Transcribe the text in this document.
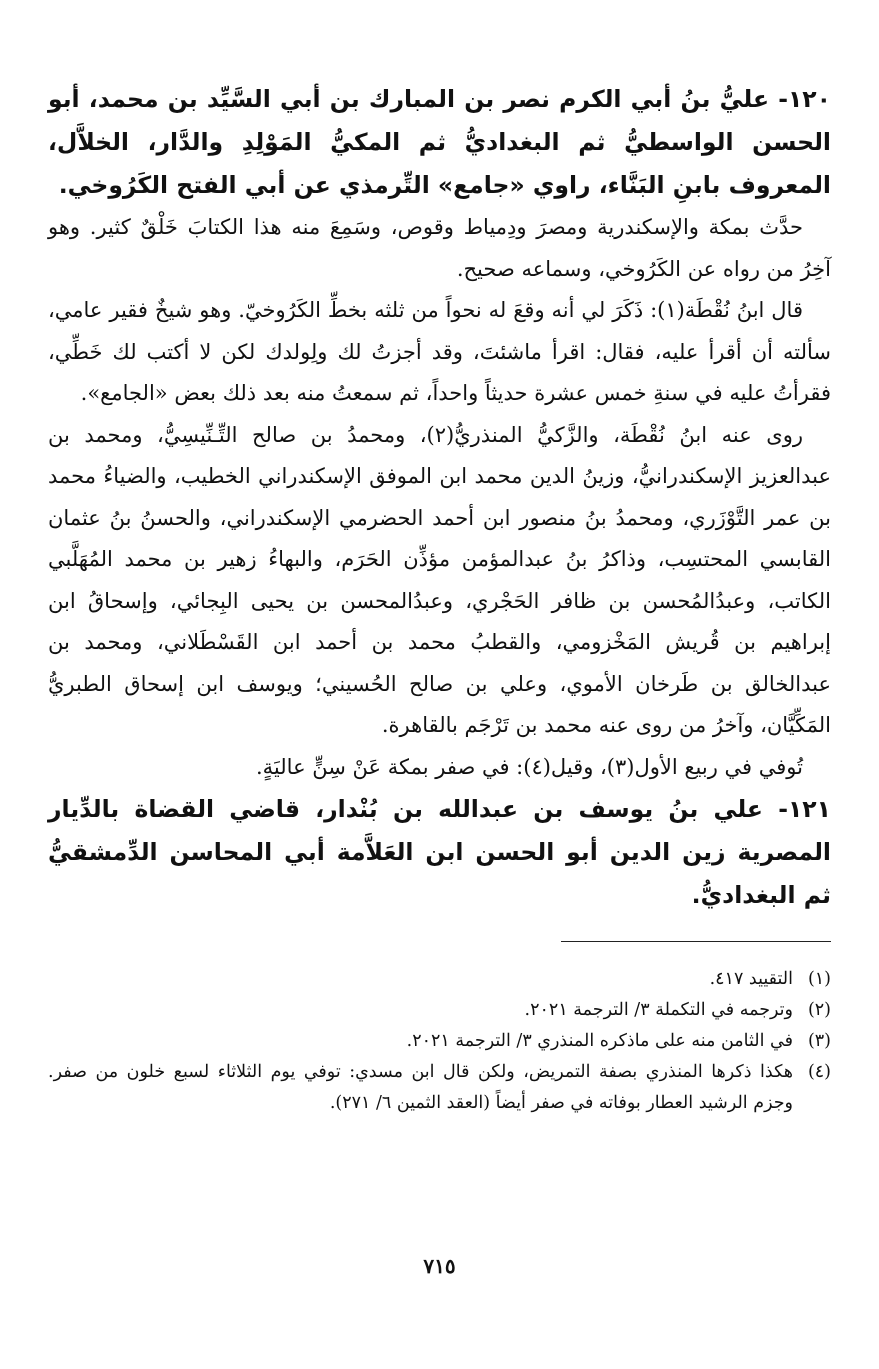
١٢٠- عليُّ بنُ أبي الكرم نصر بن المبارك بن أبي السَّيِّد بن محمد، أبو الحسن الواسطيُّ ثم البغداديُّ ثم المكيُّ المَوْلِدِ والدَّار، الخلاَّل، المعروف بابنِ البَنَّاء، راوي «جامع» التِّرمذي عن أبي الفتح الكَرُوخي.

حدَّث بمكة والإسكندرية ومصرَ ودِمياط وقوص، وسَمِعَ منه هذا الكتابَ خَلْقٌ كثير. وهو آخِرُ من رواه عن الكَرُوخي، وسماعه صحيح.

قال ابنُ نُقْطَة(١): ذَكَرَ لي أنه وقعَ له نحواً من ثلثه بخطِّ الكَرُوخيّ. وهو شيخٌ فقير عامي، سألته أن أقرأ عليه، فقال: اقرأ ماشئتَ، وقد أجزتُ لك ولِولدك لكن لا أكتب لك خَطِّي، فقرأتُ عليه في سنةِ خمس عشرة حديثاً واحداً، ثم سمعتُ منه بعد ذلك بعض «الجامع».

روى عنه ابنُ نُقْطَة، والزَّكيُّ المنذريُّ(٢)، ومحمدُ بن صالح التِّـنِّيسِيُّ، ومحمد بن عبدالعزيز الإسكندرانيُّ، وزينُ الدين محمد ابن الموفق الإسكندراني الخطيب، والضياءُ محمد بن عمر التَّوْزَري، ومحمدُ بنُ منصور ابن أحمد الحضرمي الإسكندراني، والحسنُ بنُ عثمان القابسي المحتسِب، وذاكرُ بنُ عبدالمؤمن مؤذِّن الحَرَم، والبهاءُ زهير بن محمد المُهَلَّبي الكاتب، وعبدُالمُحسن بن ظافر الحَجْري، وعبدُالمحسن بن يحيى البِجائي، وإسحاقُ ابن إبراهيم بن قُريش المَخْزومي، والقطبُ محمد بن أحمد ابن القَسْطَلاني، ومحمد بن عبدالخالق بن طَرخان الأموي، وعلي بن صالح الحُسيني؛ ويوسف ابن إسحاق الطبريُّ المَكِّيَّان، وآخرُ من روى عنه محمد بن تَرْجَم بالقاهرة.

تُوفي في ربيع الأول(٣)، وقيل(٤): في صفر بمكة عَنْ سِنٍّ عاليَةٍ.

١٢١- علي بنُ يوسف بن عبدالله بن بُنْدار، قاضي القضاة بالدِّيار المصرية زين الدين أبو الحسن ابن العَلاَّمة أبي المحاسن الدِّمشقيُّ ثم البغداديُّ.

(١)
التقييد ٤١٧.
(٢)
وترجمه في التكملة ٣/ الترجمة ٢٠٢١.
(٣)
في الثامن منه على ماذكره المنذري ٣/ الترجمة ٢٠٢١.
(٤)
هكذا ذكرها المنذري بصفة التمريض، ولكن قال ابن مسدي: توفي يوم الثلاثاء لسبع خلون من صفر. وجزم الرشيد العطار بوفاته في صفر أيضاً (العقد الثمين ٦/ ٢٧١).
٧١٥
